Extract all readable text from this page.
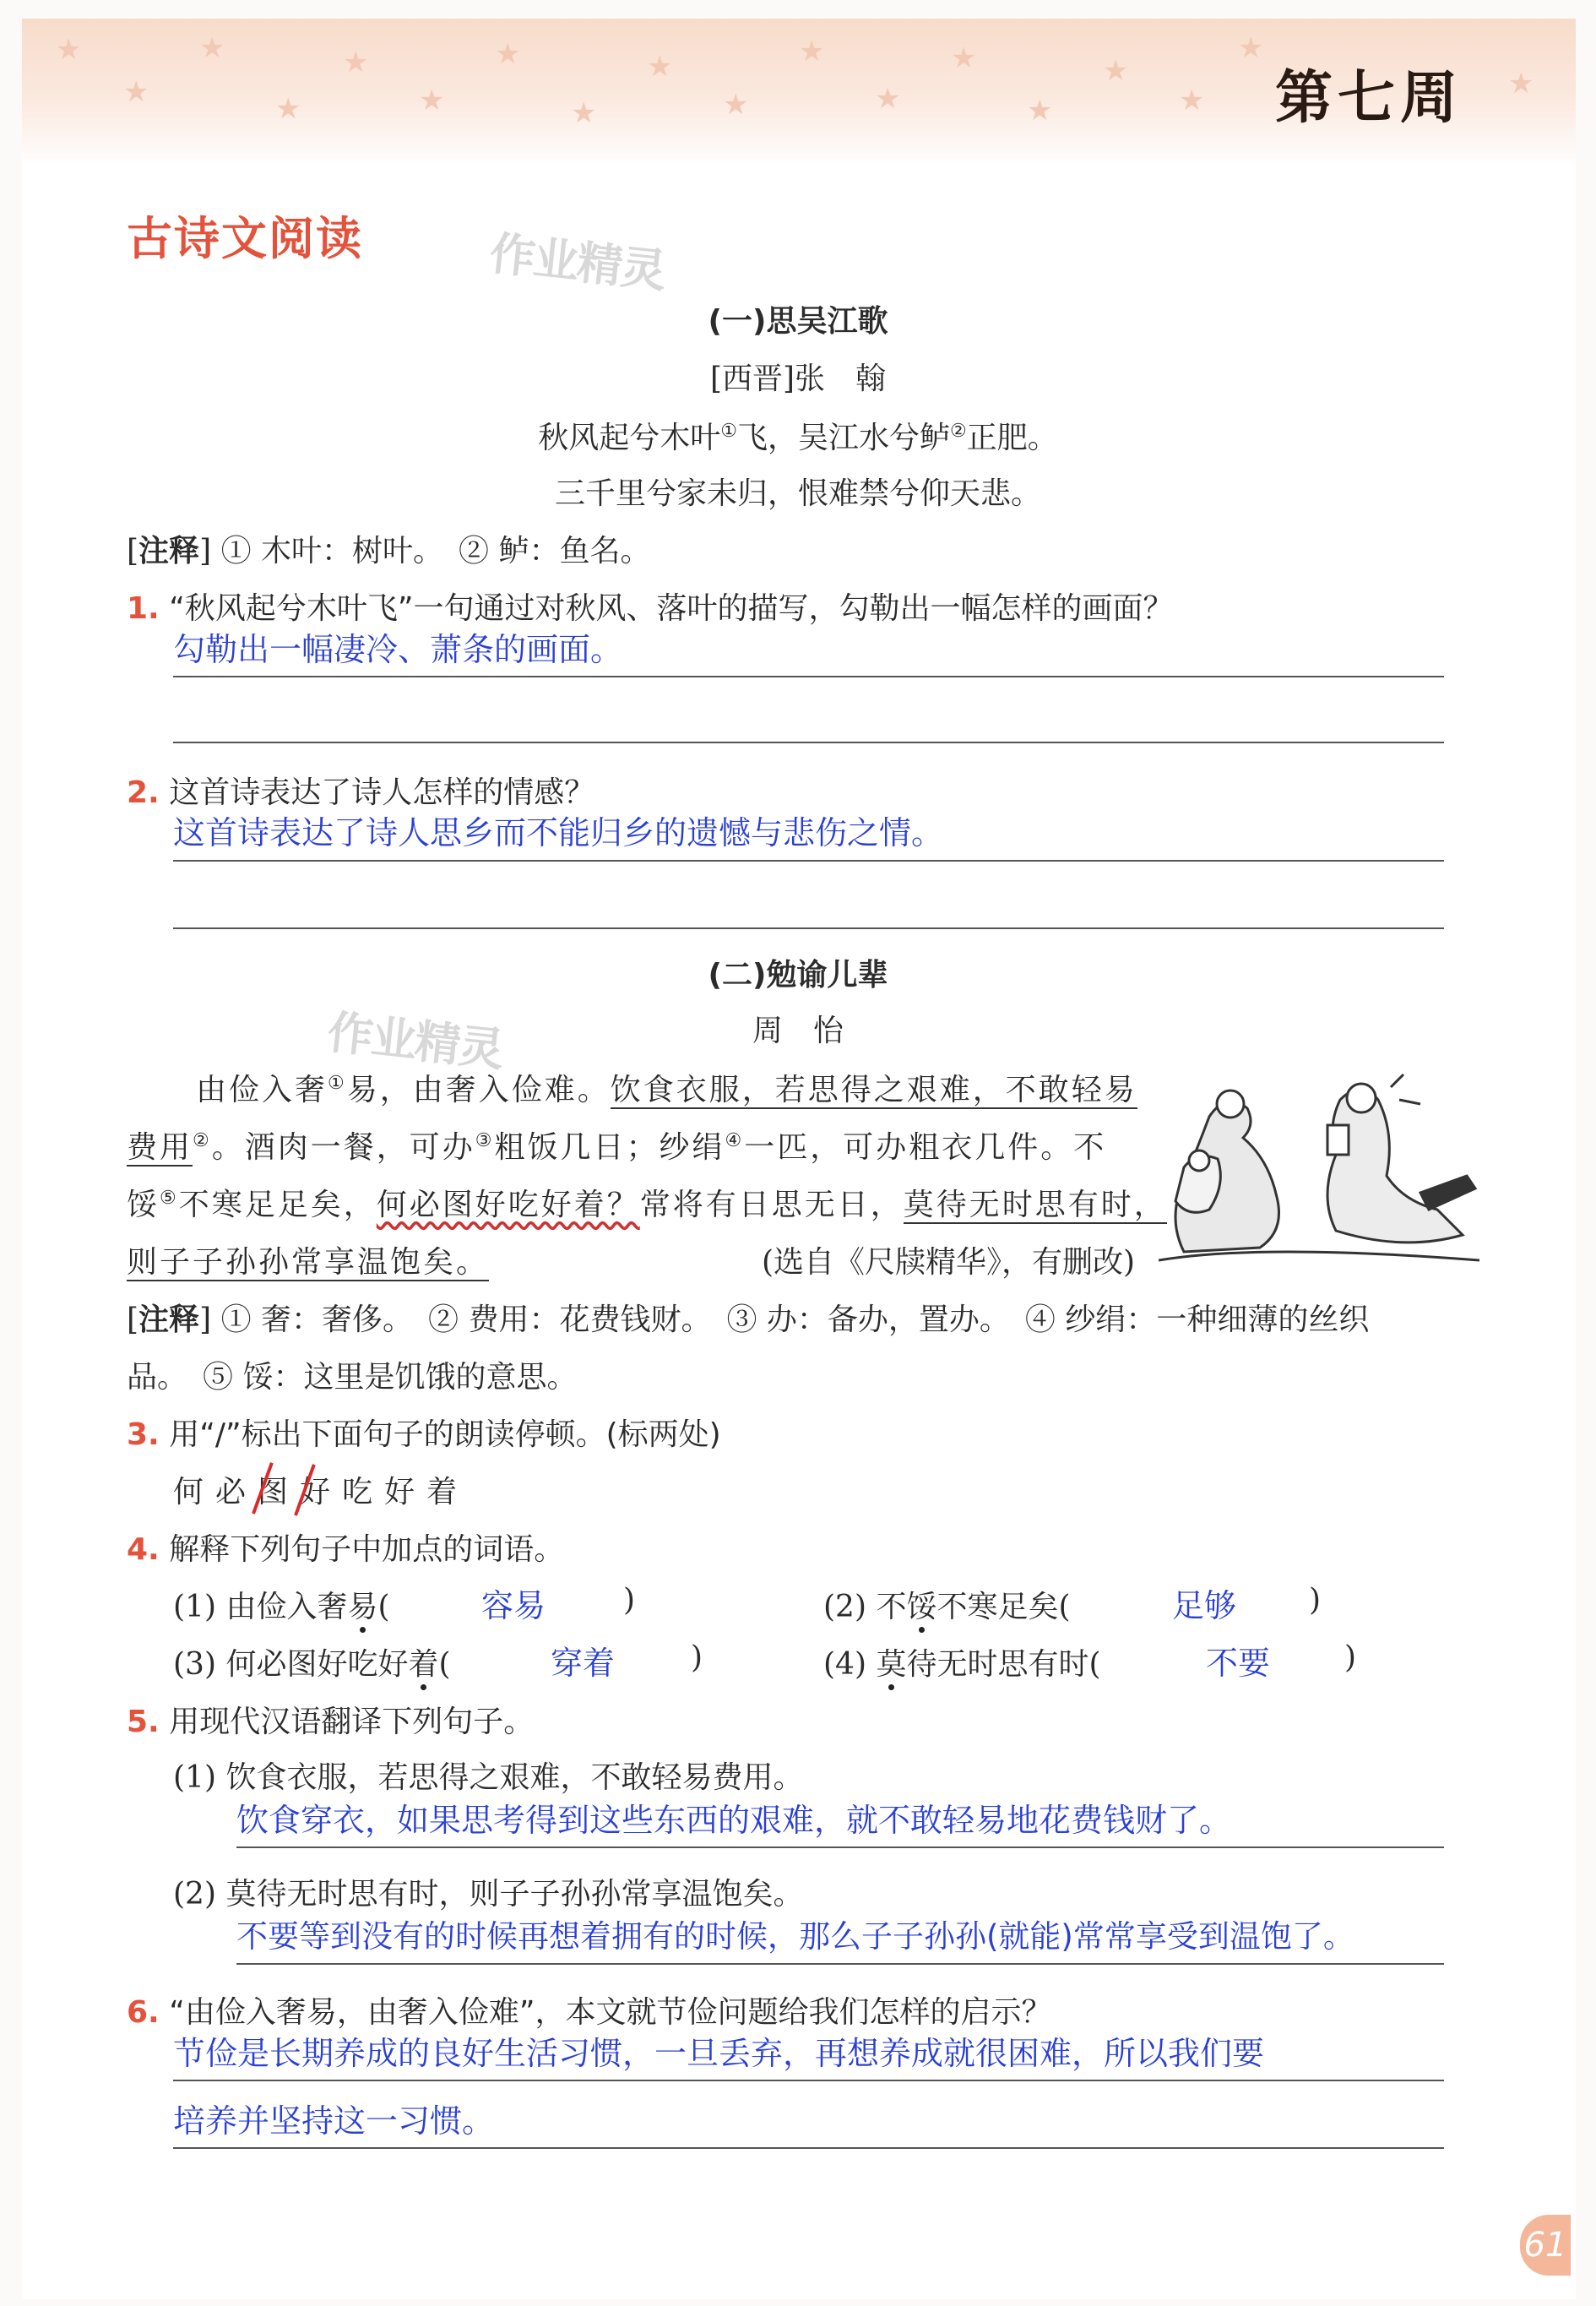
★
★
★
★
★
★
★
★
★
★
★
★
★
★
★
★
★
★
第七周
古诗文阅读	作业精灵
作业精灵
(一)思吴江歌
[西晋]张　翰
秋风起兮木叶①飞，吴江水兮鲈②正肥。
三千里兮家未归，恨难禁兮仰天悲。
[注释] ① 木叶：树叶。　② 鲈：鱼名。
1. “秋风起兮木叶飞”一句通过对秋风、落叶的描写，勾勒出一幅怎样的画面？
勾勒出一幅凄冷、萧条的画面。
2. 这首诗表达了诗人怎样的情感？
这首诗表达了诗人思乡而不能归乡的遗憾与悲伤之情。
(二)勉谕儿辈
周　怡
由俭入奢①易，由奢入俭难。饮食衣服，若思得之艰难，不敢轻易
费用②。酒肉一餐，可办③粗饭几日；纱绢④一匹，可办粗衣几件。不
馁⑤不寒足足矣，何必图好吃好着？常将有日思无日，莫待无时思有时，
则子子孙孙常享温饱矣。	(选自《尺牍精华》，有删改)
[注释] ① 奢：奢侈。　② 费用：花费钱财。　③ 办：备办，置办。　④ 纱绢：一种细薄的丝织
品。　⑤ 馁：这里是饥饿的意思。
3. 用“/”标出下面句子的朗读停顿。(标两处)
何必图好吃好着
4. 解释下列句子中加点的词语。
(1) 由俭入奢易(	容易	)	(2) 不馁不寒足矣(	足够 )
(3) 何必图好吃好着(	穿着 )	(4) 莫待无时思有时(	不要 )
5. 用现代汉语翻译下列句子。
(1) 饮食衣服，若思得之艰难，不敢轻易费用。
饮食穿衣，如果思考得到这些东西的艰难，就不敢轻易地花费钱财了。
(2) 莫待无时思有时，则子子孙孙常享温饱矣。
不要等到没有的时候再想着拥有的时候，那么子子孙孙(就能)常常享受到温饱了。
6. “由俭入奢易，由奢入俭难”，本文就节俭问题给我们怎样的启示？
节俭是长期养成的良好生活习惯，一旦丢弃，再想养成就很困难，所以我们要
培养并坚持这一习惯。
61
